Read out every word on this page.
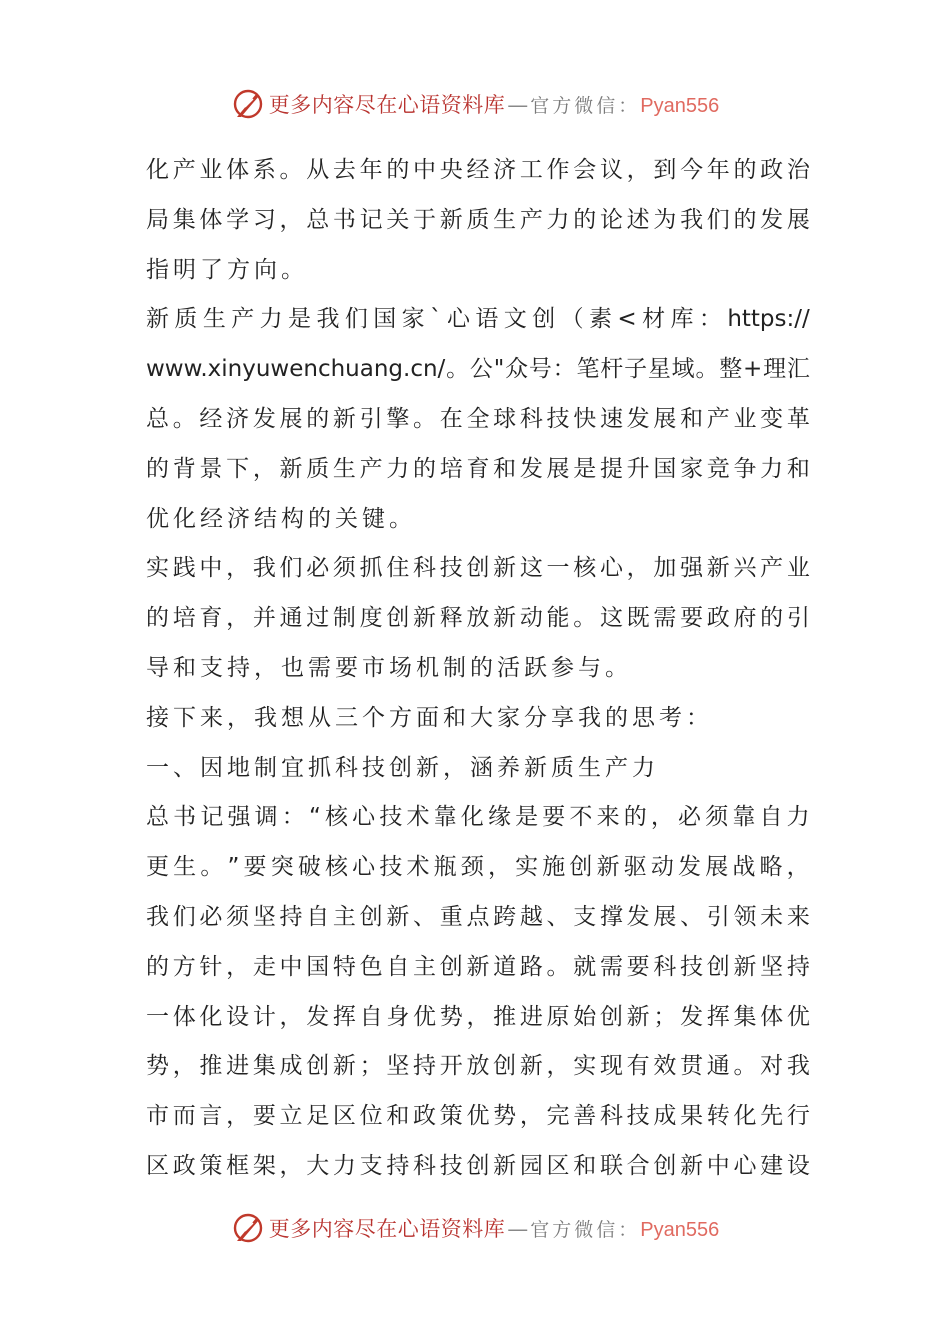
更多内容尽在心语资料库 — 官方微信： Pyan556
化 产 业 体 系 。 从 去 年 的 中 央 经 济 工 作 会 议 ， 到 今 年 的 政 治
局 集 体 学 习 ， 总 书 记 关 于 新 质 生 产 力 的 论 述 为 我 们 的 发 展
指明了方向。
新 质 生 产 力 是 我 们 国 家 ` 心 语 文 创 （ 素 < 材 库 ： https://
www.xinyuwenchuang.cn/ 。 公 " 众 号 ： 笔 杆 子 星 域 。 整 + 理 汇
总 。 经 济 发 展 的 新 引 擎 。 在 全 球 科 技 快 速 发 展 和 产 业 变 革
的 背 景 下 ， 新 质 生 产 力 的 培 育 和 发 展 是 提 升 国 家 竞 争 力 和
优化经济结构的关键。
实 践 中 ， 我 们 必 须 抓 住 科 技 创 新 这 一 核 心 ， 加 强 新 兴 产 业
的 培 育 ， 并 通 过 制 度 创 新 释 放 新 动 能 。 这 既 需 要 政 府 的 引
导和支持，也需要市场机制的活跃参与。
接下来，我想从三个方面和大家分享我的思考：
一、因地制宜抓科技创新，涵养新质生产力
总 书 记 强 调 ： “ 核 心 技 术 靠 化 缘 是 要 不 来 的 ， 必 须 靠 自 力
更 生 。 ” 要 突 破 核 心 技 术 瓶 颈 ， 实 施 创 新 驱 动 发 展 战 略 ，
我 们 必 须 坚 持 自 主 创 新 、 重 点 跨 越 、 支 撑 发 展 、 引 领 未 来
的 方 针 ， 走 中 国 特 色 自 主 创 新 道 路 。 就 需 要 科 技 创 新 坚 持
一 体 化 设 计 ， 发 挥 自 身 优 势 ， 推 进 原 始 创 新 ； 发 挥 集 体 优
势 ， 推 进 集 成 创 新 ； 坚 持 开 放 创 新 ， 实 现 有 效 贯 通 。 对 我
市 而 言 ， 要 立 足 区 位 和 政 策 优 势 ， 完 善 科 技 成 果 转 化 先 行
区 政 策 框 架 ， 大 力 支 持 科 技 创 新 园 区 和 联 合 创 新 中 心 建 设
更多内容尽在心语资料库 — 官方微信： Pyan556
